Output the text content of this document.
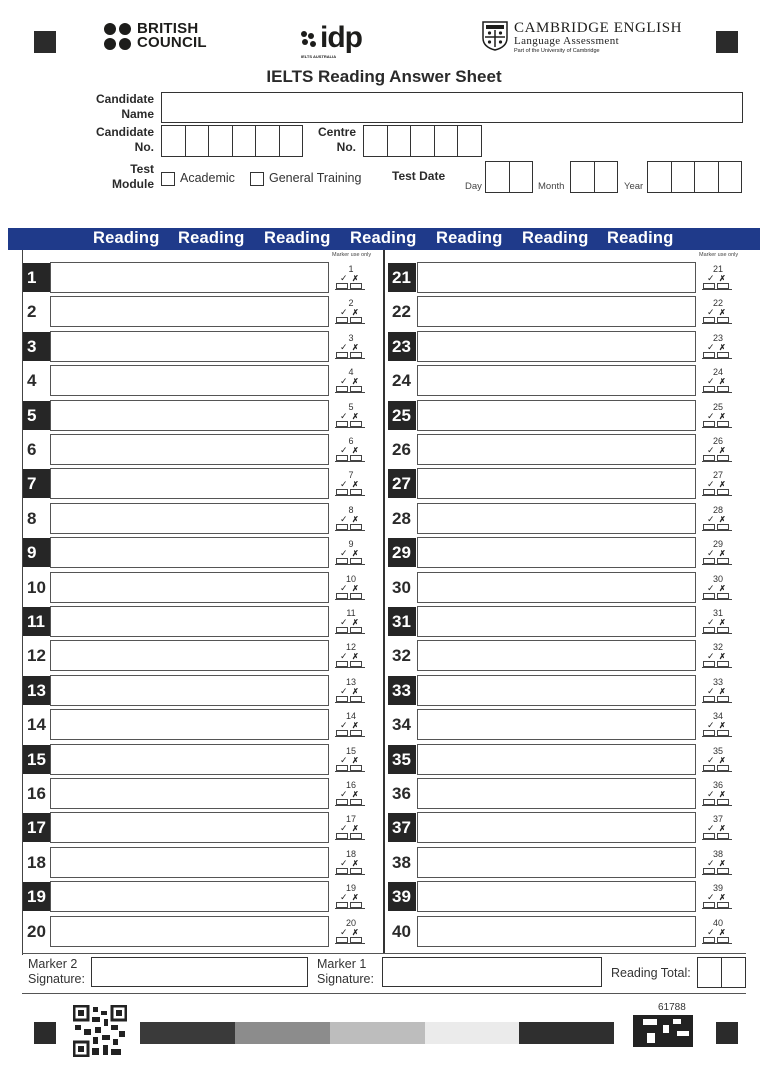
BRITISH
COUNCIL	idp
IELTS AUSTRALIA
CAMBRIDGE ENGLISH
Language Assessment
Part of the University of Cambridge
IELTS Reading Answer Sheet
Candidate
Name
Candidate
No.
Centre
No.
Test
Module Academic	General Training	Test Date
Day	Month	Year
Reading Reading Reading Reading Reading Reading Reading
Marker use only	Marker use only
1	1
✓ ✗
2	2
✓ ✗
3	3
✓ ✗
4	4
✓ ✗
5	5
✓ ✗
6	6
✓ ✗
7	7
✓ ✗
8	8
✓ ✗
9	9
✓ ✗
10	10
✓ ✗
11	11
✓ ✗
12	12
✓ ✗
13	13
✓ ✗
14	14
✓ ✗
15	15
✓ ✗
16	16
✓ ✗
17	17
✓ ✗
18	18
✓ ✗
19	19
✓ ✗
20	20
✓ ✗
21	21
✓ ✗
22	22
✓ ✗
23	23
✓ ✗
24	24
✓ ✗
25	25
✓ ✗
26	26
✓ ✗
27	27
✓ ✗
28	28
✓ ✗
29	29
✓ ✗
30	30
✓ ✗
31	31
✓ ✗
32	32
✓ ✗
33	33
✓ ✗
34	34
✓ ✗
35	35
✓ ✗
36	36
✓ ✗
37	37
✓ ✗
38	38
✓ ✗
39	39
✓ ✗
40	40
✓ ✗
Marker 2
Signature:
Marker 1
Signature:	Reading Total:
61788
